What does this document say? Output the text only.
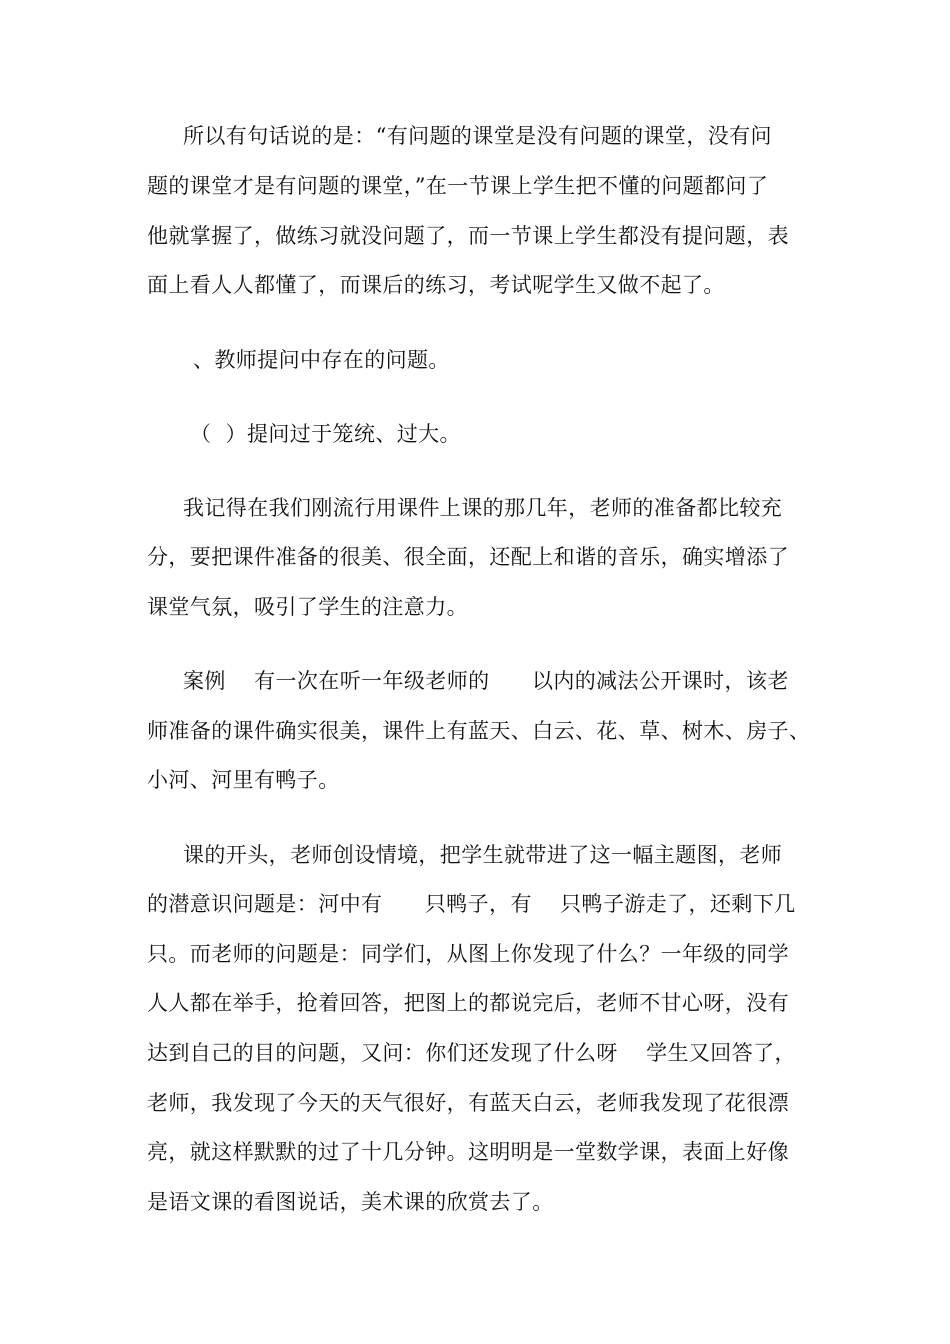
所以有句话说的是：“有问题的课堂是没有问题的课堂，没有问
题的课堂才是有问题的课堂，”在一节课上学生把不懂的问题都问了
他就掌握了，做练习就没问题了，而一节课上学生都没有提问题，表
面上看人人都懂了，而课后的练习，考试呢学生又做不起了。
、教师提问中存在的问题。
（  ）提问过于笼统、过大。
我记得在我们刚流行用课件上课的那几年，老师的准备都比较充
分，要把课件准备的很美、很全面，还配上和谐的音乐，确实增添了
课堂气氛，吸引了学生的注意力。
案例    有一次在听一年级老师的      以内的减法公开课时，该老
师准备的课件确实很美，课件上有蓝天、白云、花、草、树木、房子、
小河、河里有鸭子。
课的开头，老师创设情境，把学生就带进了这一幅主题图，老师
的潜意识问题是：河中有      只鸭子，有    只鸭子游走了，还剩下几
只。而老师的问题是：同学们，从图上你发现了什么？一年级的同学
人人都在举手，抢着回答，把图上的都说完后，老师不甘心呀，没有
达到自己的目的问题，又问：你们还发现了什么呀    学生又回答了，
老师，我发现了今天的天气很好，有蓝天白云，老师我发现了花很漂
亮，就这样默默的过了十几分钟。这明明是一堂数学课，表面上好像
是语文课的看图说话，美术课的欣赏去了。
